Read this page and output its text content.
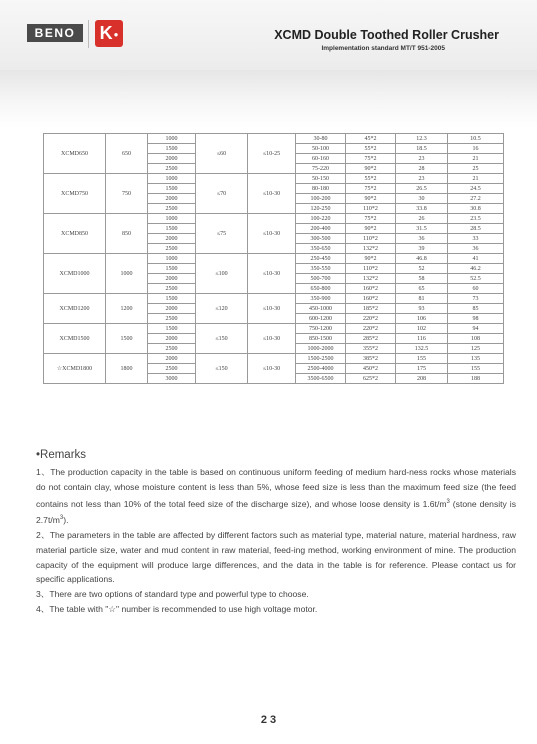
BENO	K●	XCMD Double Toothed Roller Crusher
Implementation standard MT/T 951-2005
XCMD650	650	1000	≤60	≤10-25	30-80	45*2	12.3	10.5
		1500			50-100	55*2	18.5	16
		2000			60-160	75*2	23	21
		2500			75-220	90*2	28	25
XCMD750	750	1000	≤70	≤10-30	50-150	55*2	23	21
		1500			80-180	75*2	26.5	24.5
		2000			100-200	90*2	30	27.2
		2500			120-250	110*2	33.8	30.8
XCMD850	850	1000	≤75	≤10-30	100-220	75*2	26	23.5
		1500			200-400	90*2	31.5	28.5
		2000			300-500	110*2	36	33
		2500			350-650	132*2	39	36
XCMD1000	1000	1000	≤100	≤10-30	250-450	90*2	46.8	41
		1500			350-550	110*2	52	46.2
		2000			500-700	132*2	58	52.5
		2500			650-800	160*2	65	60
XCMD1200	1200	1500	≤120	≤10-30	350-900	160*2	81	73
		2000			450-1000	185*2	93	85
		2500			600-1200	220*2	106	98
XCMD1500	1500	1500	≤150	≤10-30	750-1200	220*2	102	94
		2000			850-1500	285*2	116	108
		2500			1000-2000	355*2	132.5	125
☆XCMD1800	1800	2000	≤150	≤10-30	1500-2500	385*2	155	135
		2500			2500-4000	450*2	175	155
		3000			3500-6500	625*2	208	188
•Remarks

1、The production capacity in the table is based on continuous uniform feeding of medium hard-ness rocks whose materials do not contain clay, whose moisture content is less than 5%, whose feed size is less than the maximum feed size (the feed contains not less than 10% of the total feed size of the discharge size), and whose loose density is $1.6t/m^3$ (stone density is $2.7t/m^3$).

2、The parameters in the table are affected by different factors such as material type, material nature, material hardness, raw material particle size, water and mud content in raw material, feed-ing method, working environment of mine. The production capacity of the equipment will produce large differences, and the data in the table is for reference. Please contact us for specific applications.

3、There are two options of standard type and powerful type to choose.

4、The table with "☆" number is recommended to use high voltage motor.

2 3
